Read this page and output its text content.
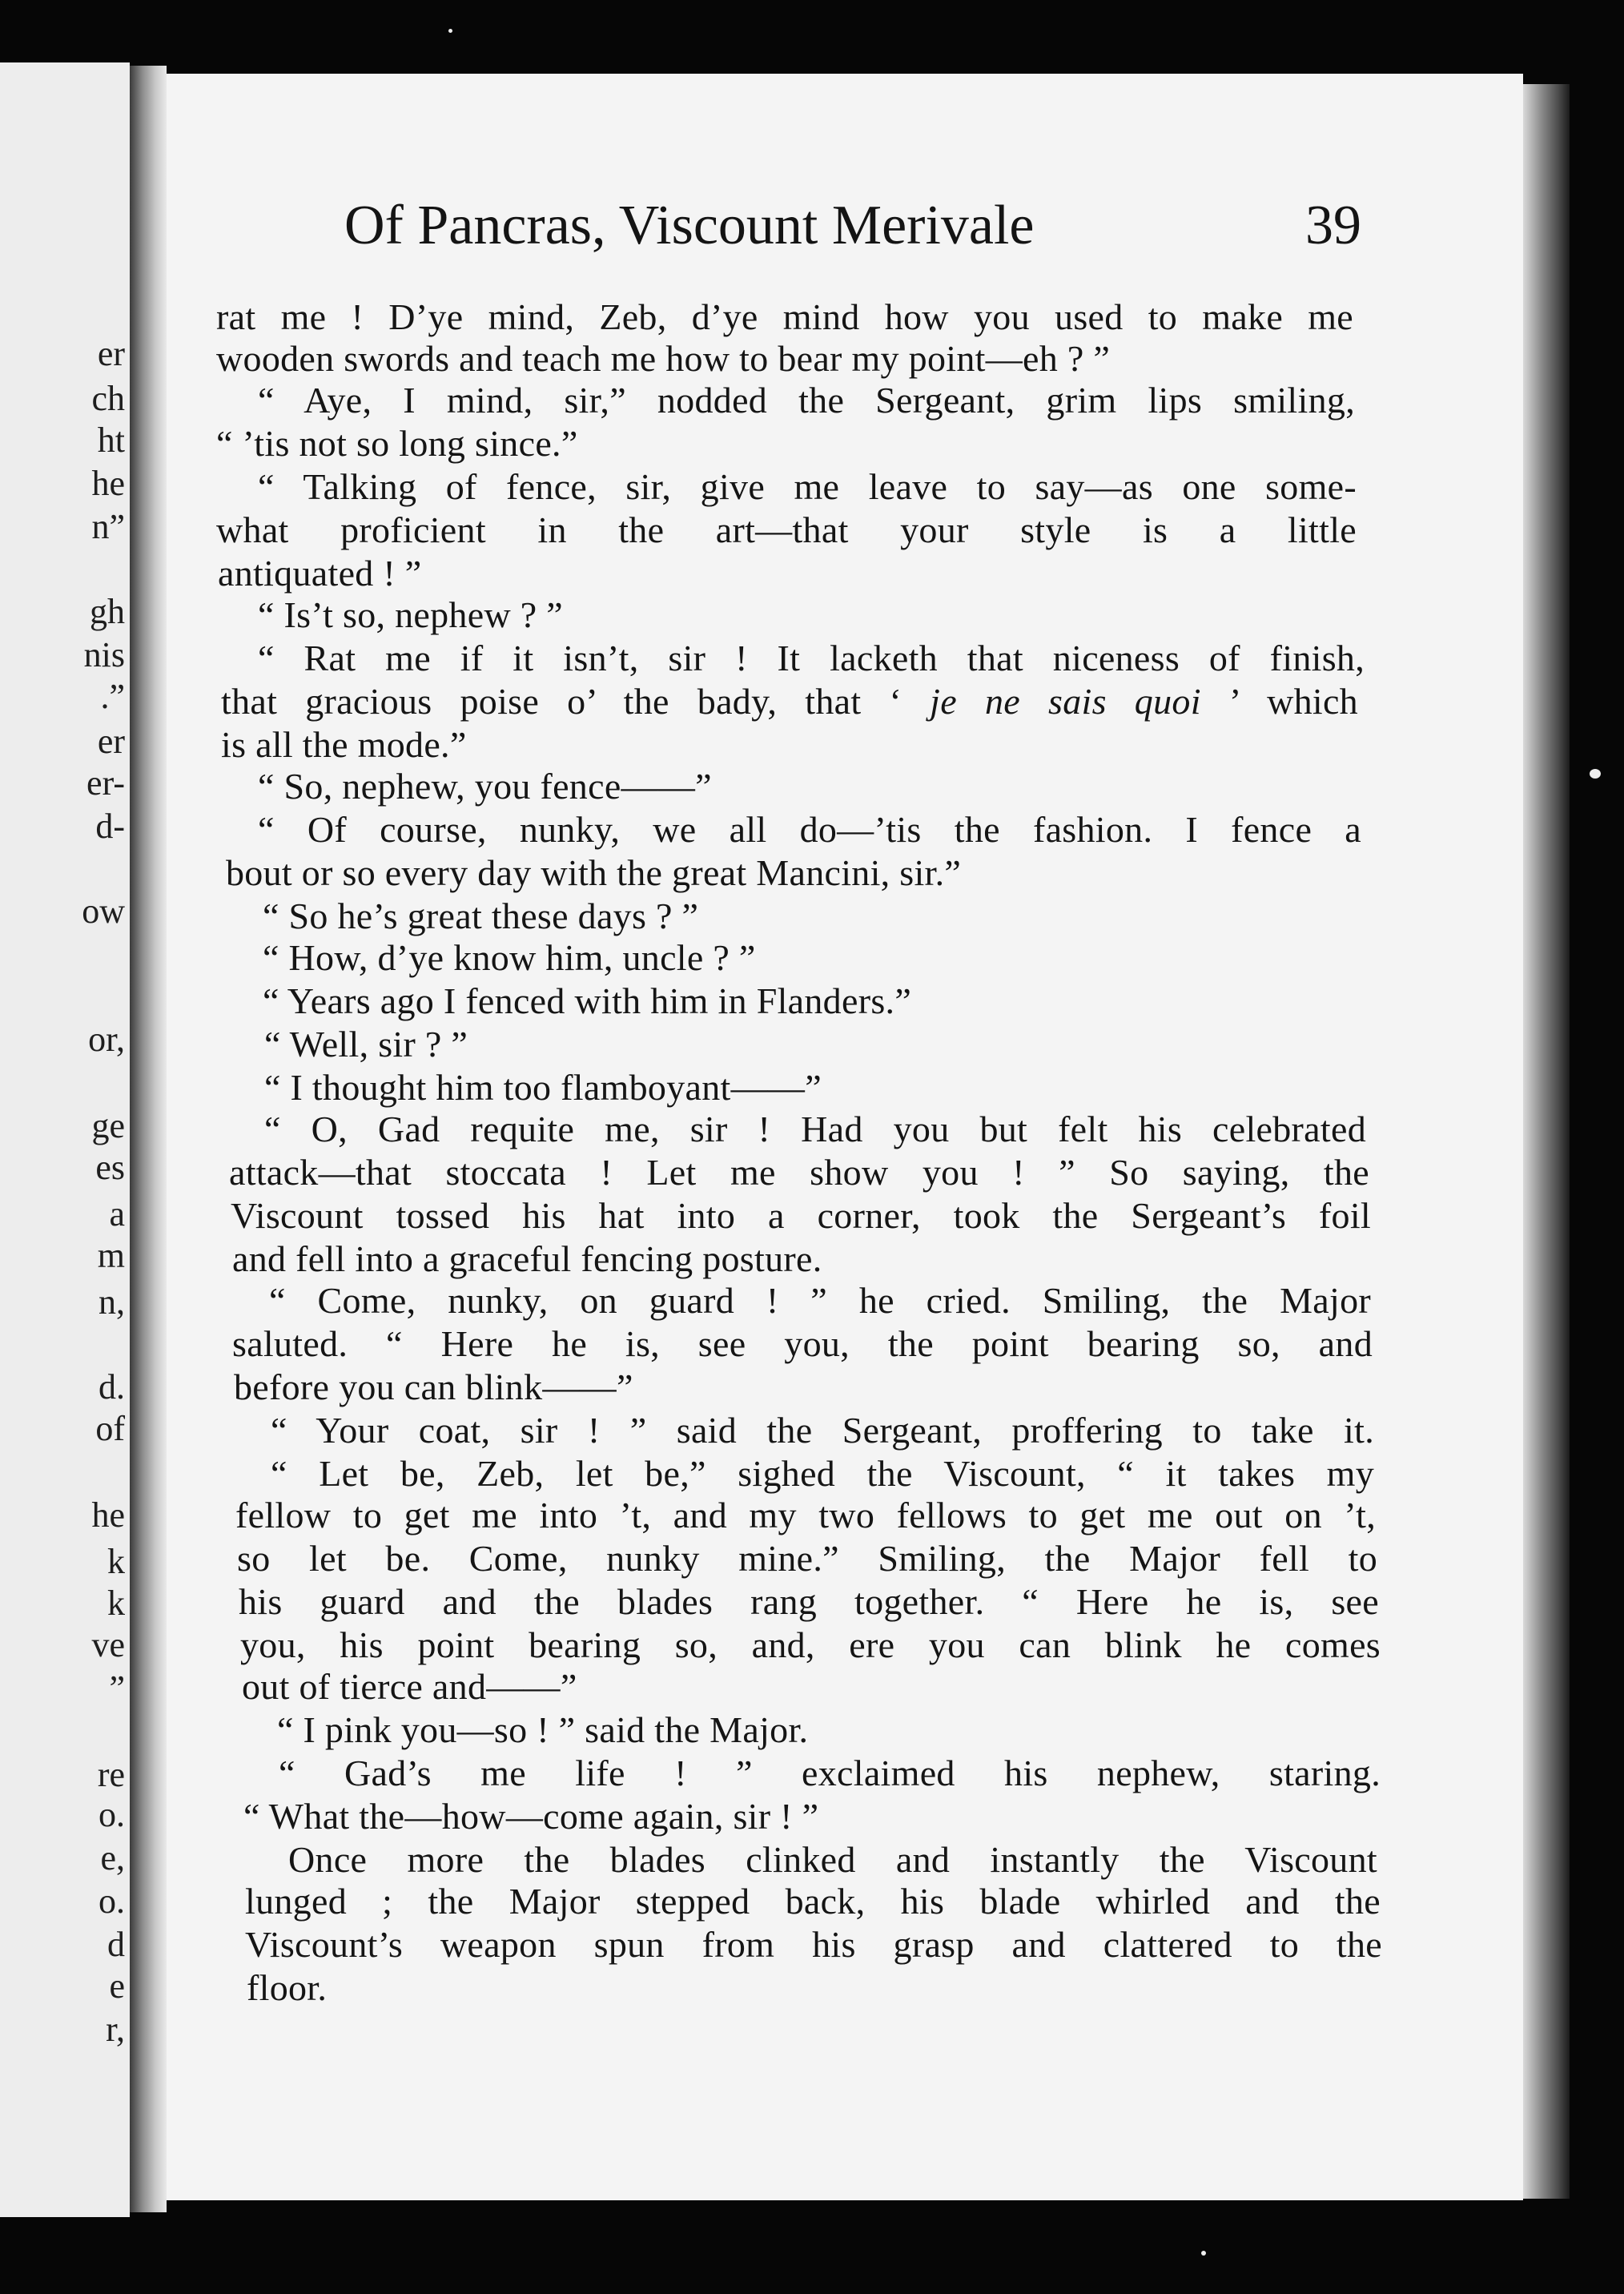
er
ch
ht
he
n”
gh
nis
.”
er
er-
d-
ow
or,
ge
es
a
m
n,
d.
of
he
k
k
ve
”
re
o.
e,
o.
d
e
r,
Of Pancras, Viscount Merivale	39
rat me ! D’ye mind, Zeb, d’ye mind how you used to make me
wooden swords and teach me how to bear my point—eh ? ”
“ Aye, I mind, sir,” nodded the Sergeant, grim lips smiling,
“ ’tis not so long since.”
“ Talking of fence, sir, give me leave to say—as one some-
what proficient in the art—that your style is a little
antiquated ! ”
“ Is’t so, nephew ? ”
“ Rat me if it isn’t, sir ! It lacketh that niceness of finish,
that gracious poise o’ the bady, that ‘ je ne sais quoi ’ which
is all the mode.”
“ So, nephew, you fence——”
“ Of course, nunky, we all do—’tis the fashion. I fence a
bout or so every day with the great Mancini, sir.”
“ So he’s great these days ? ”
“ How, d’ye know him, uncle ? ”
“ Years ago I fenced with him in Flanders.”
“ Well, sir ? ”
“ I thought him too flamboyant——”
“ O, Gad requite me, sir ! Had you but felt his celebrated
attack—that stoccata ! Let me show you ! ” So saying, the
Viscount tossed his hat into a corner, took the Sergeant’s foil
and fell into a graceful fencing posture.
“ Come, nunky, on guard ! ” he cried. Smiling, the Major
saluted. “ Here he is, see you, the point bearing so, and
before you can blink——”
“ Your coat, sir ! ” said the Sergeant, proffering to take it.
“ Let be, Zeb, let be,” sighed the Viscount, “ it takes my
fellow to get me into ’t, and my two fellows to get me out on ’t,
so let be. Come, nunky mine.” Smiling, the Major fell to
his guard and the blades rang together. “ Here he is, see
you, his point bearing so, and, ere you can blink he comes
out of tierce and——”
“ I pink you—so ! ” said the Major.
“ Gad’s me life ! ” exclaimed his nephew, staring.
“ What the—how—come again, sir ! ”
Once more the blades clinked and instantly the Viscount
lunged ; the Major stepped back, his blade whirled and the
Viscount’s weapon spun from his grasp and clattered to the
floor.
